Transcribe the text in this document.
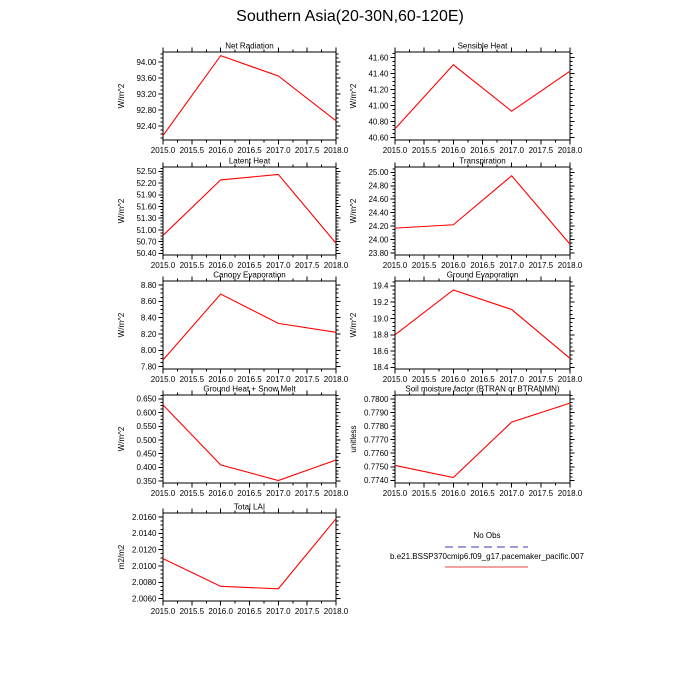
Southern Asia(20-30N,60-120E)
2015.0 2015.5 2016.0 2016.5 2017.0 2017.5 2018.0
92.40
92.80
93.20
93.60
94.00
Net Radiation
W/m^2
2015.0 2015.5 2016.0 2016.5 2017.0 2017.5 2018.0
40.60
40.80
41.00
41.20
41.40
41.60
Sensible Heat
W/m^2
2015.0 2015.5 2016.0 2016.5 2017.0 2017.5 2018.0
50.40
50.70
51.00
51.30
51.60
51.90
52.20
52.50
Latent Heat
W/m^2
2015.0 2015.5 2016.0 2016.5 2017.0 2017.5 2018.0
23.80
24.00
24.20
24.40
24.60
24.80
25.00
Transpiration
W/m^2
2015.0 2015.5 2016.0 2016.5 2017.0 2017.5 2018.0
7.80
8.00
8.20
8.40
8.60
8.80
Canopy Evaporation
W/m^2
2015.0 2015.5 2016.0 2016.5 2017.0 2017.5 2018.0
18.4
18.6
18.8
19.0
19.2
19.4
Ground Evaporation
W/m^2
2015.0 2015.5 2016.0 2016.5 2017.0 2017.5 2018.0
0.350
0.400
0.450
0.500
0.550
0.600
0.650
Ground Heat + Snow Melt
W/m^2
2015.0 2015.5 2016.0 2016.5 2017.0 2017.5 2018.0
0.7740
0.7750
0.7760
0.7770
0.7780
0.7790
0.7800
Soil moisture factor (BTRAN or BTRANMN)
unitless
2015.0 2015.5 2016.0 2016.5 2017.0 2017.5 2018.0
2.0060
2.0080
2.0100
2.0120
2.0140
2.0160
Total LAI
m2/m2
No Obs
b.e21.BSSP370cmip6.f09_g17.pacemaker_pacific.007
